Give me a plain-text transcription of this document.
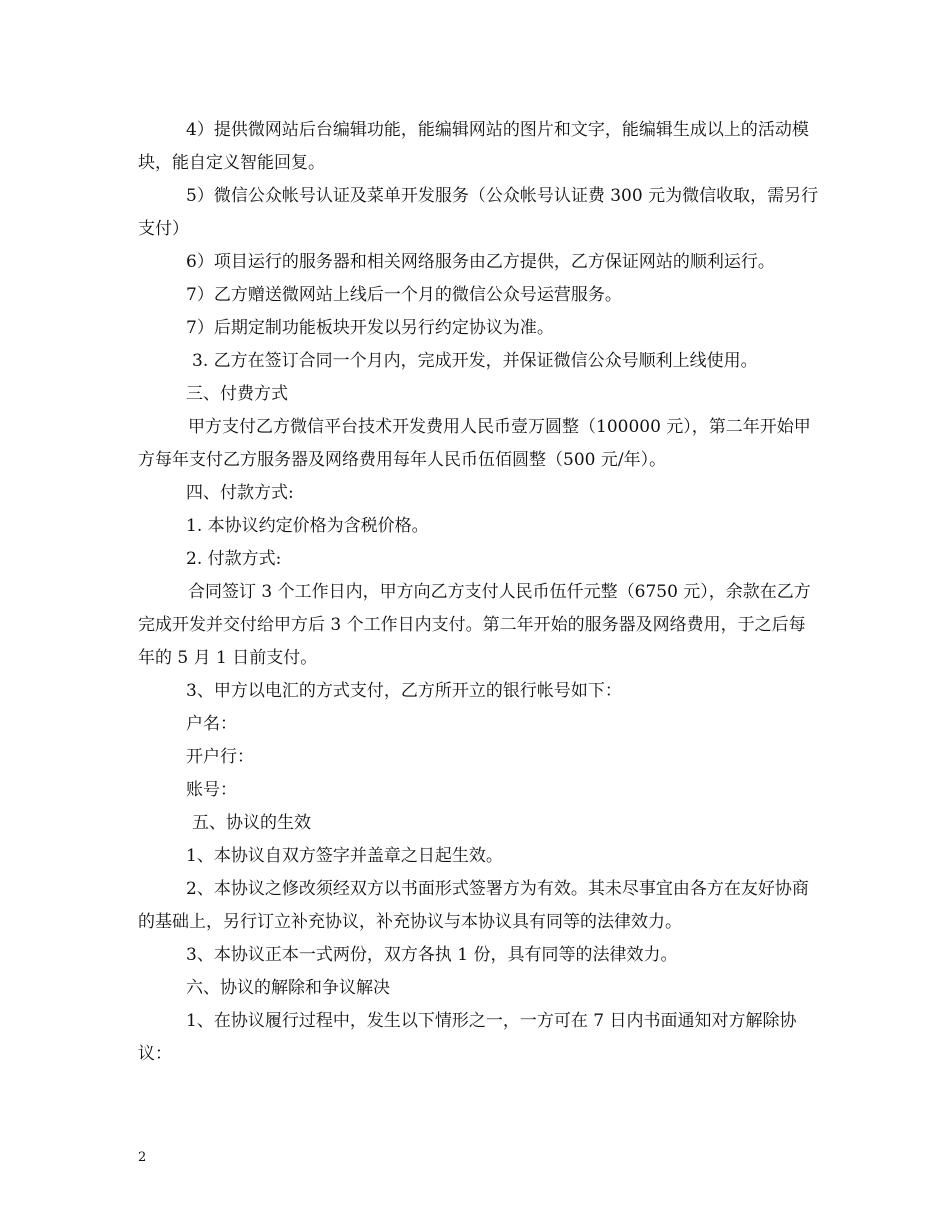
4）提供微网站后台编辑功能，能编辑网站的图片和文字，能编辑生成以上的活动模块，能自定义智能回复。

5）微信公众帐号认证及菜单开发服务（公众帐号认证费 300 元为微信收取，需另行支付）

6）项目运行的服务器和相关网络服务由乙方提供，乙方保证网站的顺利运行。

7）乙方赠送微网站上线后一个月的微信公众号运营服务。

7）后期定制功能板块开发以另行约定协议为准。

3. 乙方在签订合同一个月内，完成开发，并保证微信公众号顺利上线使用。

三、付费方式

甲方支付乙方微信平台技术开发费用人民币壹万圆整（100000 元），第二年开始甲方每年支付乙方服务器及网络费用每年人民币伍佰圆整（500 元/年）。

四、付款方式:

1. 本协议约定价格为含税价格。

2. 付款方式:

合同签订 3 个工作日内，甲方向乙方支付人民币伍仟元整（6750 元），余款在乙方完成开发并交付给甲方后 3 个工作日内支付。第二年开始的服务器及网络费用，于之后每年的 5 月 1 日前支付。

3、甲方以电汇的方式支付，乙方所开立的银行帐号如下：

户名：

开户行：

账号：

五、协议的生效

1、本协议自双方签字并盖章之日起生效。

2、本协议之修改须经双方以书面形式签署方为有效。其未尽事宜由各方在友好协商的基础上，另行订立补充协议，补充协议与本协议具有同等的法律效力。

3、本协议正本一式两份，双方各执 1 份，具有同等的法律效力。

六、协议的解除和争议解决

1、在协议履行过程中，发生以下情形之一，一方可在 7 日内书面通知对方解除协议：

2
